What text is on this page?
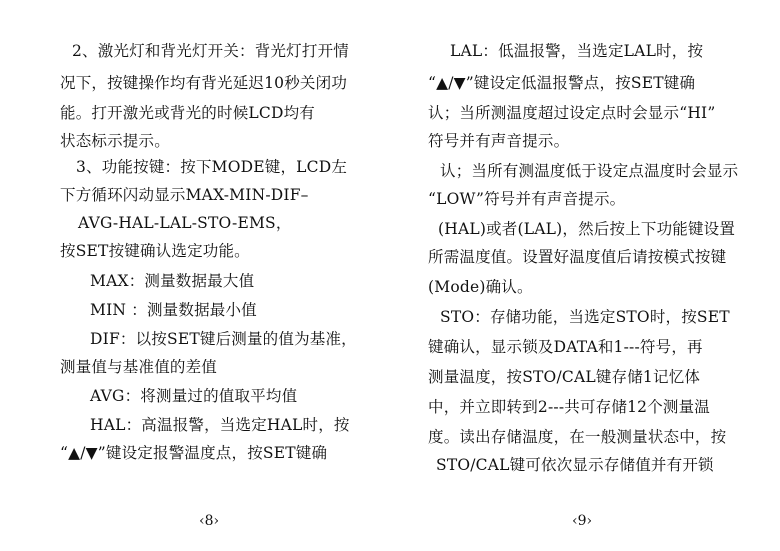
2、激光灯和背光灯开关：背光灯打开情
况下，按键操作均有背光延迟10秒关闭功
能。打开激光或背光的时候LCD均有
状态标示提示。
3、功能按键：按下MODE键，LCD左
下方循环闪动显示MAX-MIN-DIF–
AVG-HAL-LAL-STO-EMS，
按SET按键确认选定功能。
MAX：测量数据最大值
MIN ：测量数据最小值
DIF：以按SET键后测量的值为基准，
测量值与基准值的差值
AVG：将测量过的值取平均值
HAL：高温报警，当选定HAL时，按
“▲/▼”键设定报警温度点，按SET键确
‹8›
LAL：低温报警，当选定LAL时，按
“▲/▼”键设定低温报警点，按SET键确
认；当所测温度超过设定点时会显示“HI”
符号并有声音提示。
认；当所有测温度低于设定点温度时会显示
“LOW”符号并有声音提示。
(HAL)或者(LAL)，然后按上下功能键设置
所需温度值。设置好温度值后请按模式按键
(Mode)确认。
STO：存储功能，当选定STO时，按SET
键确认，显示锁及DATA和1---符号，再
测量温度，按STO/CAL键存储1记忆体
中，并立即转到2---共可存储12个测量温
度。读出存储温度，在一般测量状态中，按
STO/CAL键可依次显示存储值并有开锁
‹9›
